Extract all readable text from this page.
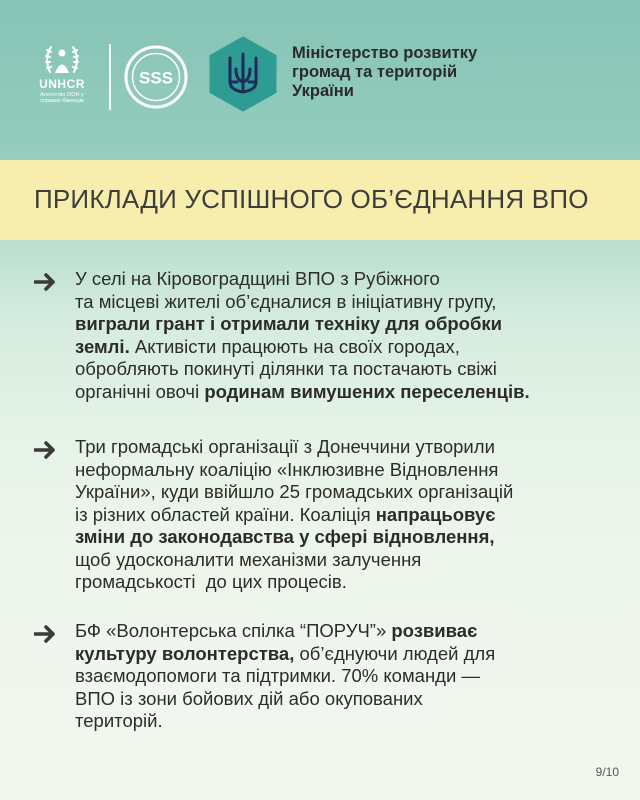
UNHCR
Агентство ООН у
справах біженців
SSS
Міністерство розвитку
громад та територій
України
ПРИКЛАДИ УСПІШНОГО ОБ’ЄДНАННЯ ВПО
У селі на Кіровоградщині ВПО з Рубіжного
та місцеві жителі об’єдналися в ініціативну групу,
виграли грант і отримали техніку для обробки
землі. Активісти працюють на своїх городах,
обробляють покинуті ділянки та постачають свіжі
органічні овочі родинам вимушених переселенців.
Три громадські організації з Донеччини утворили
неформальну коаліцію «Інклюзивне Відновлення
України», куди ввійшло 25 громадських організацій
із різних областей країни. Коаліція напрацьовує
зміни до законодавства у сфері відновлення,
щоб удосконалити механізми залучення
громадськості  до цих процесів.
БФ «Волонтерська спілка “ПОРУЧ”» розвиває
культуру волонтерства, об’єднуючи людей для
взаємодопомоги та підтримки. 70% команди —
ВПО із зони бойових дій або окупованих
територій.
9/10
